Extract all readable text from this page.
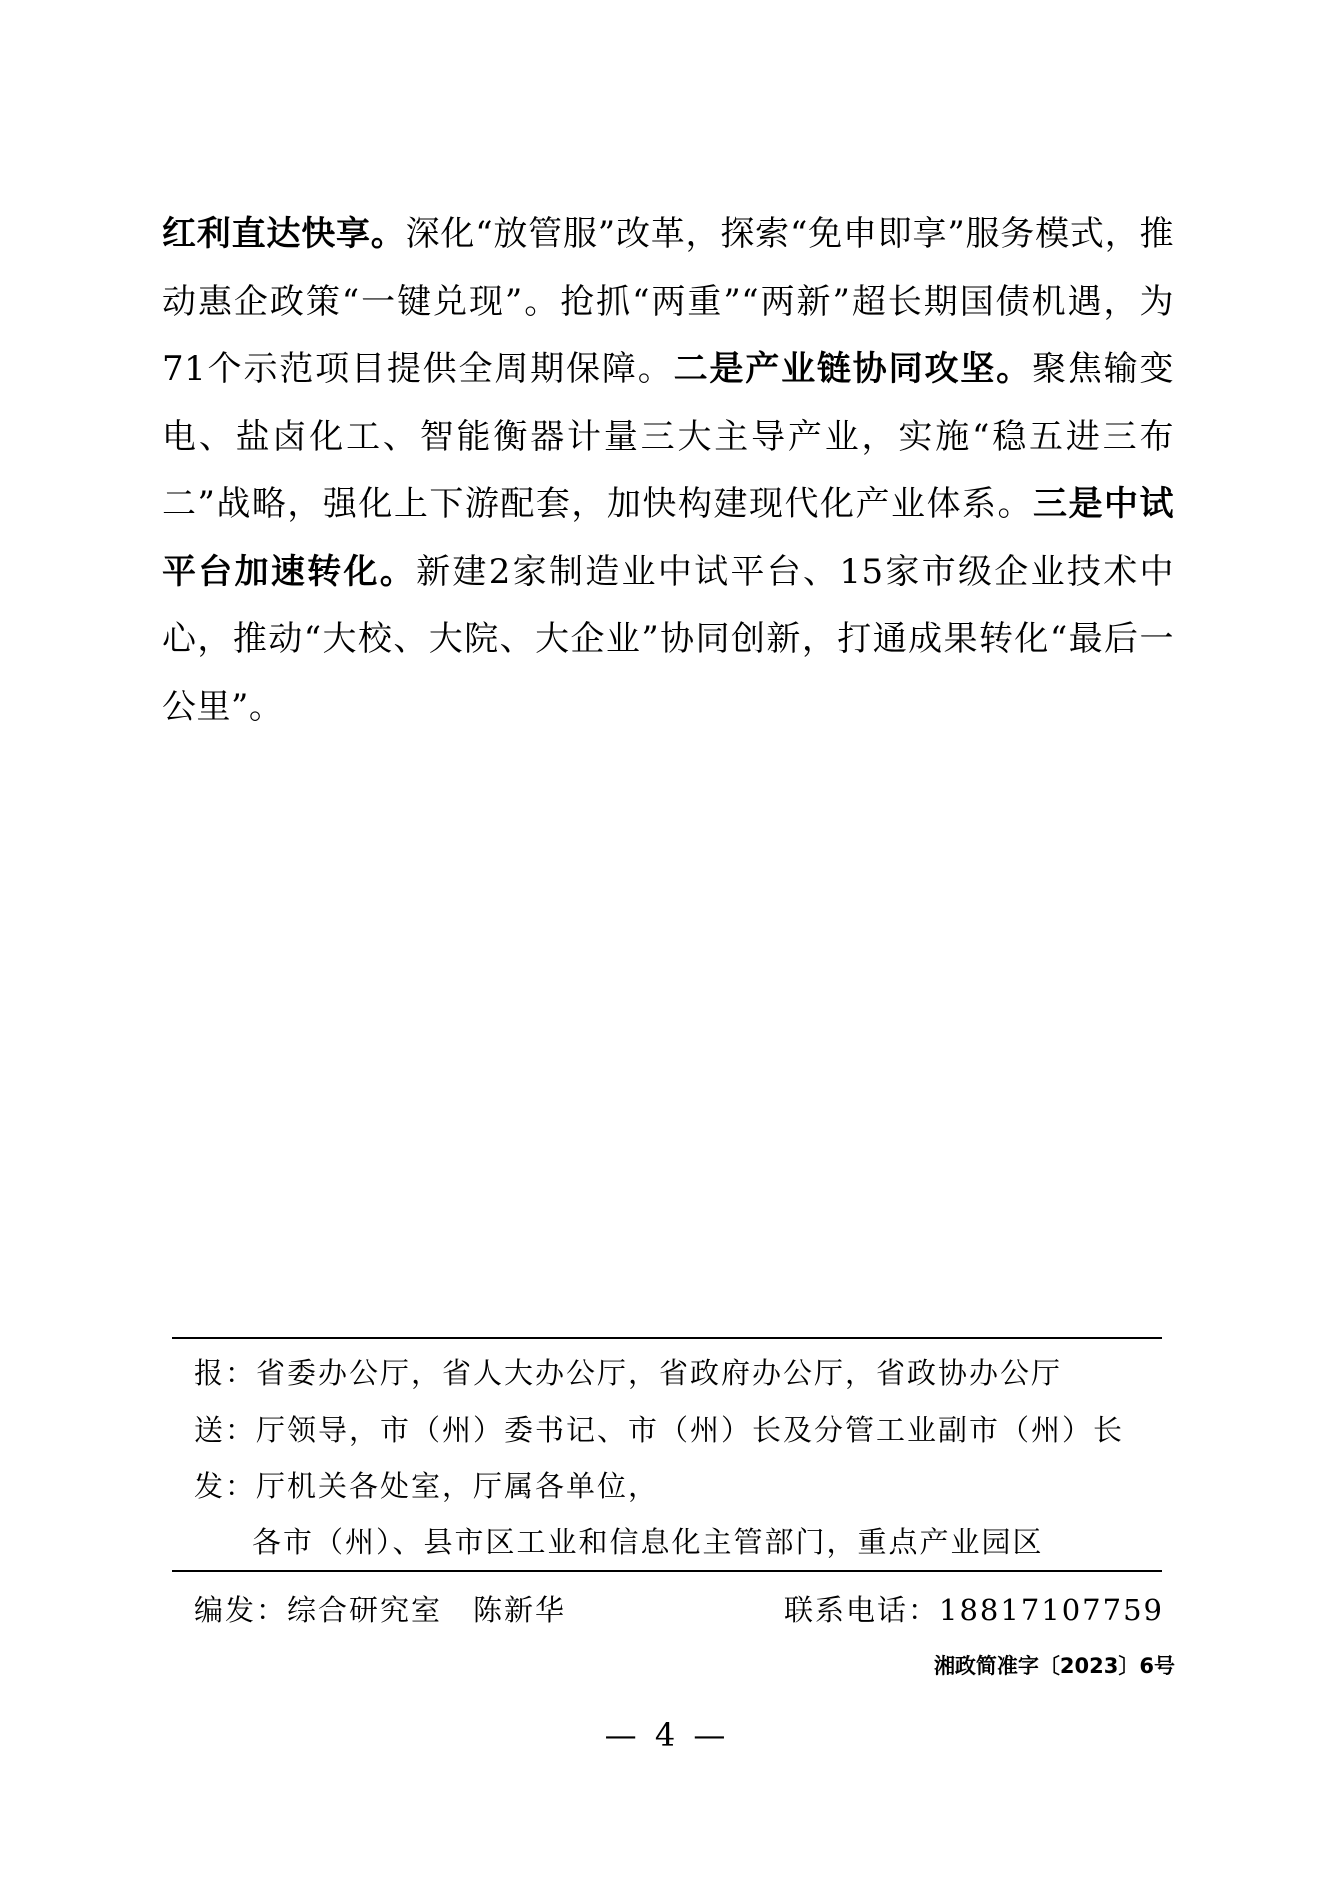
红利直达快享。深化“放管服”改革，探索“免申即享”服务模式，推动惠企政策“一键兑现”。抢抓“两重”“两新”超长期国债机遇，为71个示范项目提供全周期保障。二是产业链协同攻坚。聚焦输变电、盐卤化工、智能衡器计量三大主导产业，实施“稳五进三布二”战略，强化上下游配套，加快构建现代化产业体系。三是中试平台加速转化。新建2家制造业中试平台、15家市级企业技术中心，推动“大校、大院、大企业”协同创新，打通成果转化“最后一公里”。
报：省委办公厅，省人大办公厅，省政府办公厅，省政协办公厅
送：厅领导，市（州）委书记、市（州）长及分管工业副市（州）长
发：厅机关各处室，厅属各单位，
各市（州）、县市区工业和信息化主管部门，重点产业园区
编发：综合研究室　陈新华	联系电话：18817107759
湘政简准字〔2023〕6号
— 4 —
